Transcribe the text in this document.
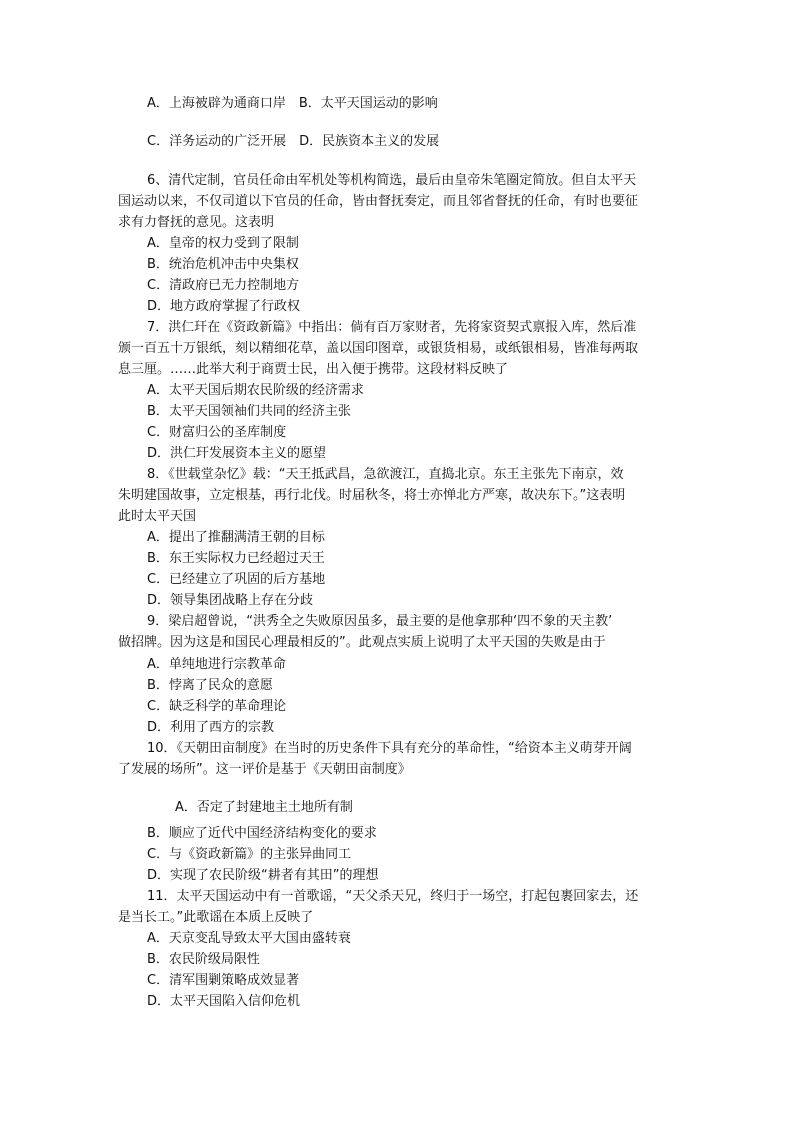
A．上海被辟为通商口岸　B．太平天国运动的影响
C．洋务运动的广泛开展　D．民族资本主义的发展
6、清代定制，官员任命由军机处等机构简选，最后由皇帝朱笔圈定简放。但自太平天
国运动以来，不仅司道以下官员的任命，皆由督抚奏定，而且邻省督抚的任命，有时也要征
求有力督抚的意见。这表明
A．皇帝的权力受到了限制
B．统治危机冲击中央集权
C．清政府已无力控制地方
D．地方政府掌握了行政权
7．洪仁玕在《资政新篇》中指出：倘有百万家财者，先将家资契式禀报入库，然后准
颁一百五十万银纸，刻以精细花草，盖以国印图章，或银货相易，或纸银相易，皆准每两取
息三厘。……此举大利于商贾士民，出入便于携带。这段材料反映了
A．太平天国后期农民阶级的经济需求
B．太平天国领袖们共同的经济主张
C．财富归公的圣库制度
D．洪仁玕发展资本主义的愿望
8．《世载堂杂忆》载：“天王抵武昌，急欲渡江，直捣北京。东王主张先下南京，效
朱明建国故事，立定根基，再行北伐。时届秋冬，将士亦惮北方严寒，故决东下。”这表明
此时太平天国
A．提出了推翻满清王朝的目标
B．东王实际权力已经超过天王
C．已经建立了巩固的后方基地
D．领导集团战略上存在分歧
9．梁启超曾说，“洪秀全之失败原因虽多，最主要的是他拿那种‘四不象的天主教’
做招牌。因为这是和国民心理最相反的”。此观点实质上说明了太平天国的失败是由于
A．单纯地进行宗教革命
B．悖离了民众的意愿
C．缺乏科学的革命理论
D．利用了西方的宗教
10．《天朝田亩制度》在当时的历史条件下具有充分的革命性，“给资本主义萌芽开阔
了发展的场所”。这一评价是基于《天朝田亩制度》
A．否定了封建地主土地所有制
B．顺应了近代中国经济结构变化的要求
C．与《资政新篇》的主张异曲同工
D．实现了农民阶级“耕者有其田”的理想
11．太平天国运动中有一首歌谣，“天父杀天兄，终归于一场空，打起包裹回家去，还
是当长工。”此歌谣在本质上反映了
A．天京变乱导致太平大国由盛转衰
B．农民阶级局限性
C．清军围剿策略成效显著
D．太平天国陷入信仰危机
